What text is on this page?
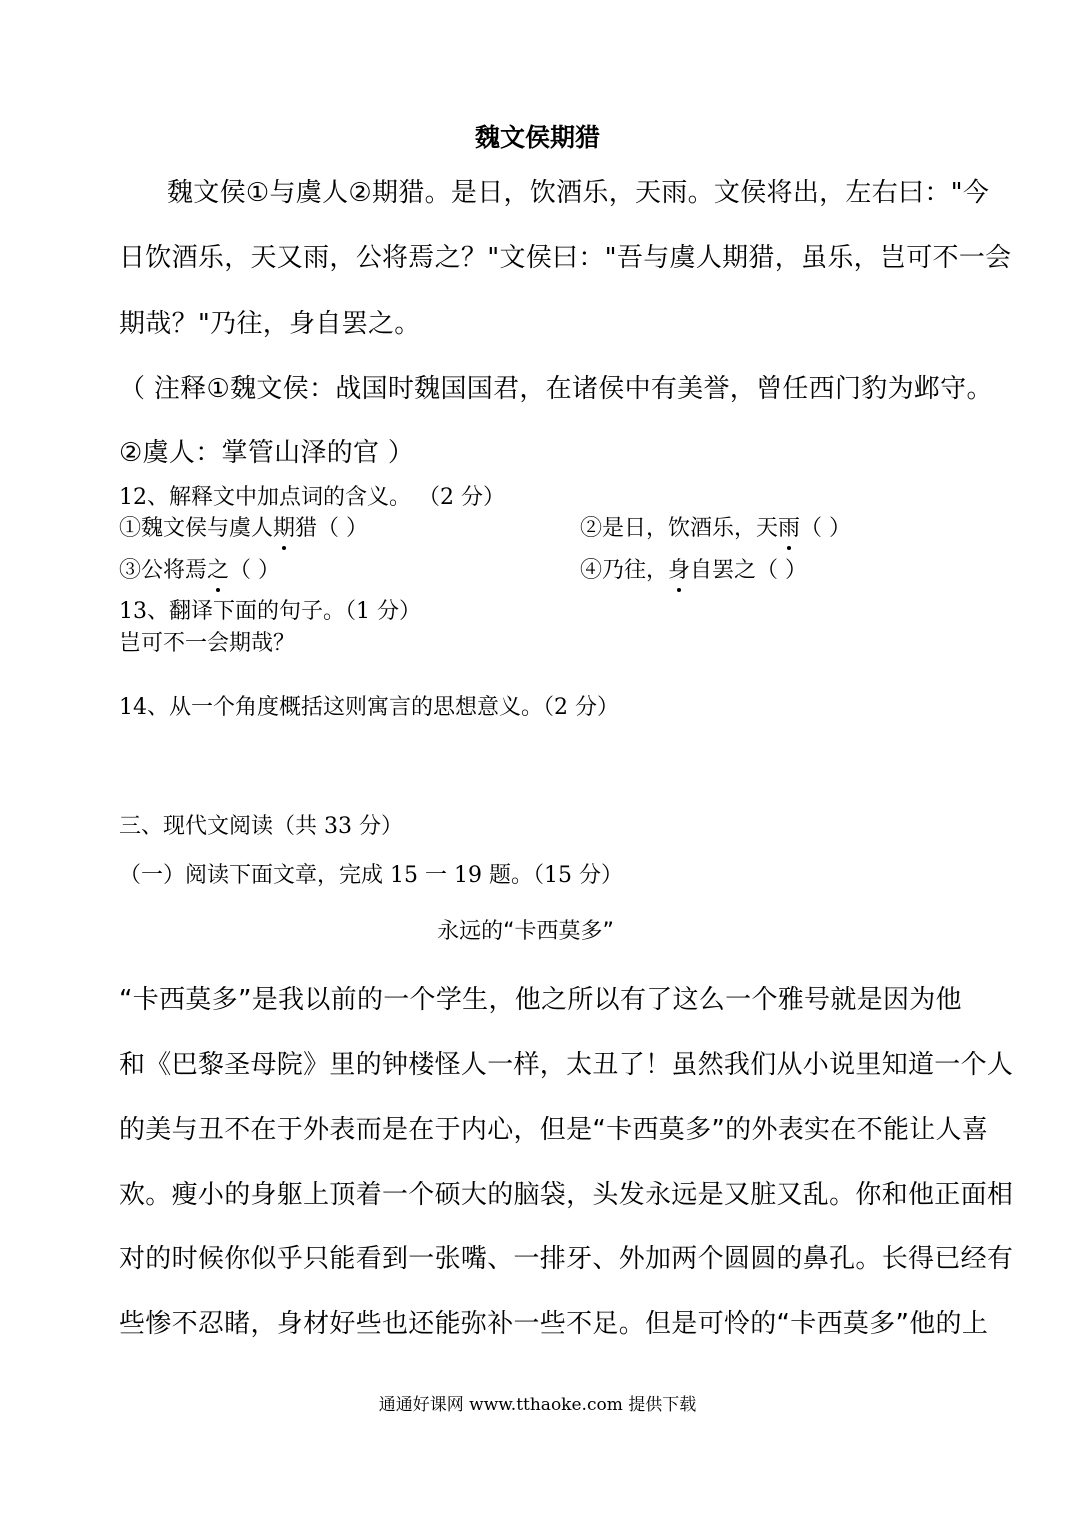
魏文侯期猎
魏文侯①与虞人②期猎。是日，饮酒乐，天雨。文侯将出，左右曰："今
日饮酒乐，天又雨，公将焉之？"文侯曰："吾与虞人期猎，虽乐，岂可不一会
期哉？"乃往，身自罢之。
（ 注释①魏文侯：战国时魏国国君，在诸侯中有美誉，曾任西门豹为邺守。
②虞人：掌管山泽的官 ）
12、解释文中加点词的含义。 （2 分）
①魏文侯与虞人期猎（ ）	②是日，饮酒乐，天雨（ ）
③公将焉之（ ）	④乃往，身自罢之（ ）
13、翻译下面的句子。（1 分）
岂可不一会期哉？
14、从一个角度概括这则寓言的思想意义。（2 分）
三、现代文阅读（共 33 分）
（一）阅读下面文章，完成 15 一 19 题。（15 分）
永远的“卡西莫多”
“卡西莫多”是我以前的一个学生，他之所以有了这么一个雅号就是因为他
和《巴黎圣母院》里的钟楼怪人一样，太丑了！虽然我们从小说里知道一个人
的美与丑不在于外表而是在于内心，但是“卡西莫多”的外表实在不能让人喜
欢。瘦小的身躯上顶着一个硕大的脑袋，头发永远是又脏又乱。你和他正面相
对的时候你似乎只能看到一张嘴、一排牙、外加两个圆圆的鼻孔。长得已经有
些惨不忍睹，身材好些也还能弥补一些不足。但是可怜的“卡西莫多”他的上
通通好课网 www.tthaoke.com 提供下载
